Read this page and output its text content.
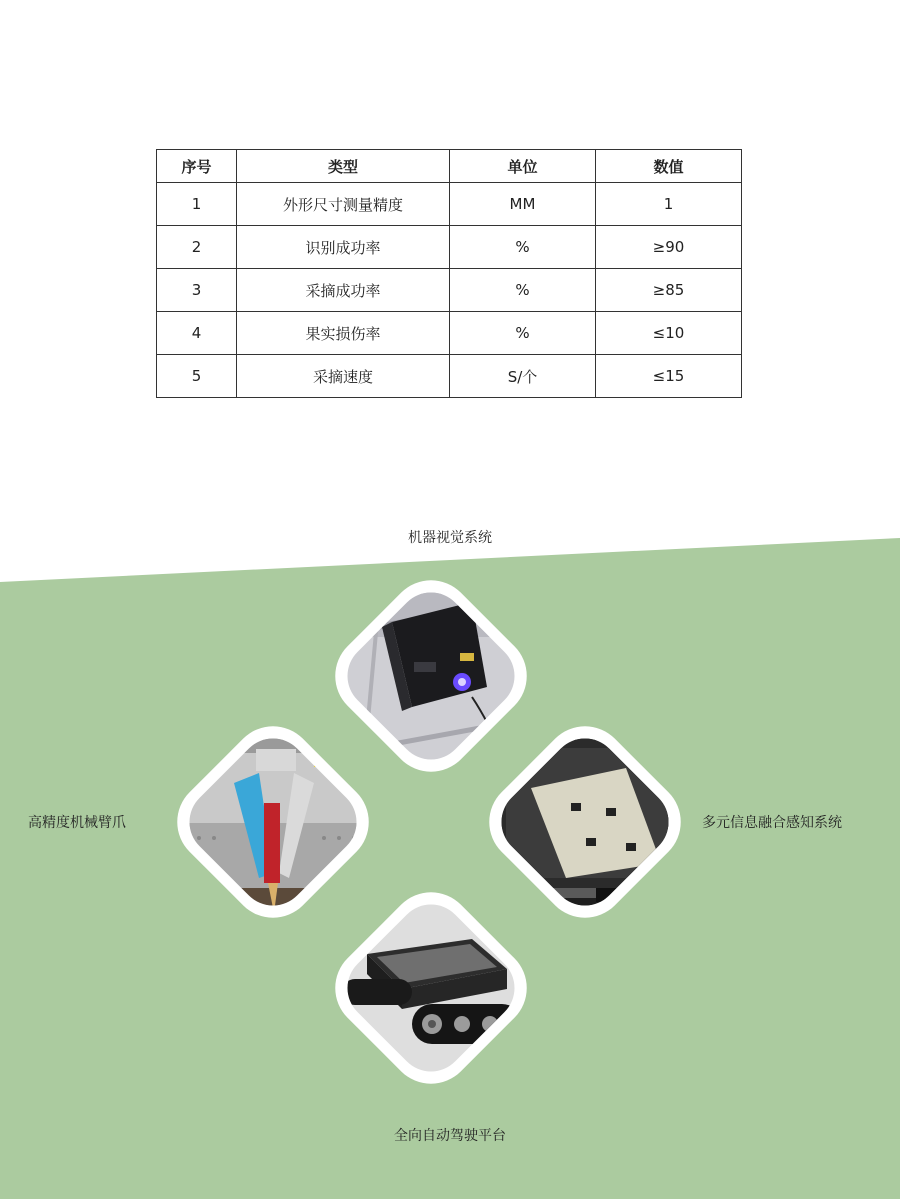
序号	类型	单位	数值
1	外形尺寸测量精度	MM	1
2	识别成功率	%	≥90
3	采摘成功率	%	≥85
4	果实损伤率	%	≤10
5	采摘速度	S/个	≤15
机器视觉系统
高精度机械臂爪	多元信息融合感知系统
全向自动驾驶平台
